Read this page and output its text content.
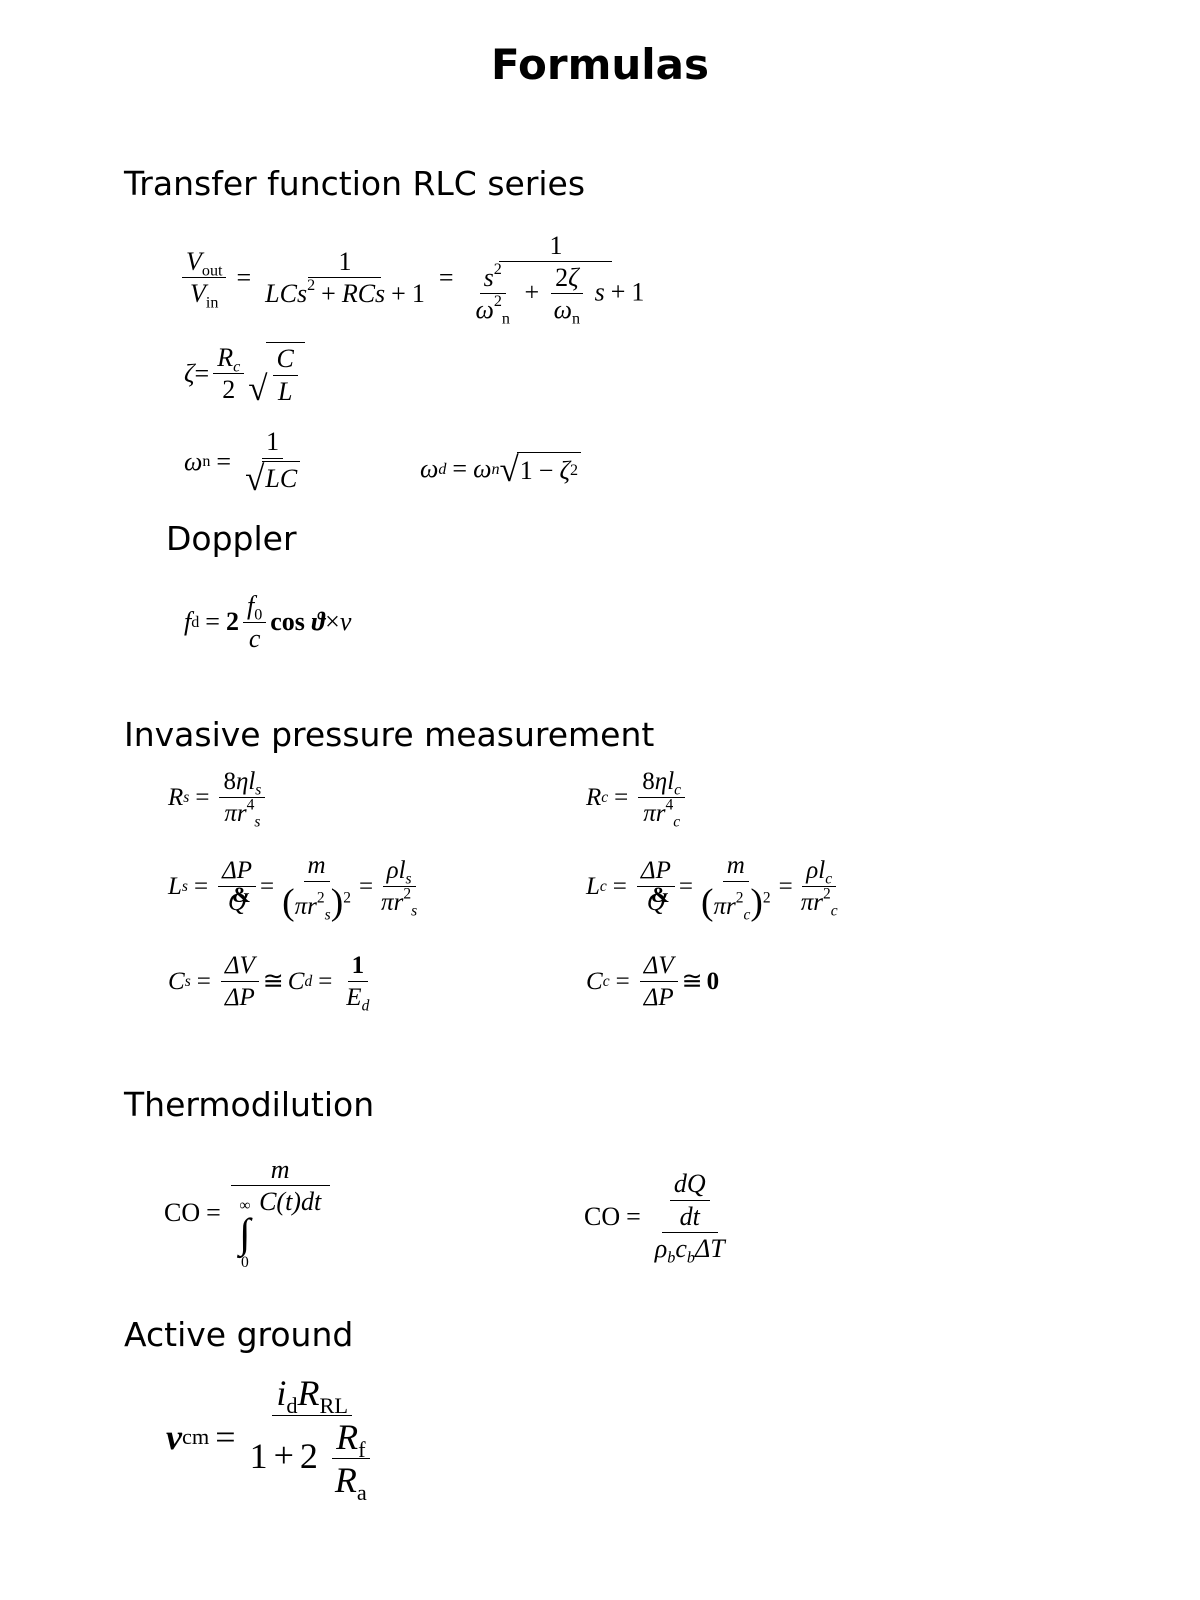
Formulas
Transfer function RLC series
$\frac{V_{out}}{V_{in}} = \frac{1}{LCs^2 + RCs + 1}$ =
1
$\frac{s^2}{\omega^2_n} + \frac{2\zeta}{\omega_n}$ s + 1
$\zeta = \frac{R_c}{2}$ √ $\frac{C}{L}$
ω $n = \frac{1}{√ LC}$	ω d = ω n √ 1 − ζ 2
Doppler
f $d = 2 \frac{f_0}{c}$ cos
ϑ × v
Invasive pressure measurement
R $s = \frac{8\eta l_s}{\pi r^4_s}$	R $c = \frac{8\eta l_c}{\pi r^4_c}$
L $s = \frac{\Delta P}{Q}$ & = $\frac{m}{(\pi r^2_s)^2} = \frac{\rho l_s}{\pi r^2_s}$	L $c = \frac{\Delta P}{Q}$ & = $\frac{m}{(\pi r^2_c)^2} = \frac{\rho l_c}{\pi r^2_c}$
C $s = \frac{\Delta V}{\Delta P}$ ≅ C $d = \frac{1}{E_d}$	C $c = \frac{\Delta V}{\Delta P}$ ≅ 0
Thermodilution
CO = m
∞
∫
0
C(t)dt	CO = $\frac{\frac{dQ}{dt}}{\rho_bc_b\Delta T}$
Active ground
v cm = $\frac{i_dR_{RL}}{1 + 2 \frac{R_f}{R_a}}$
